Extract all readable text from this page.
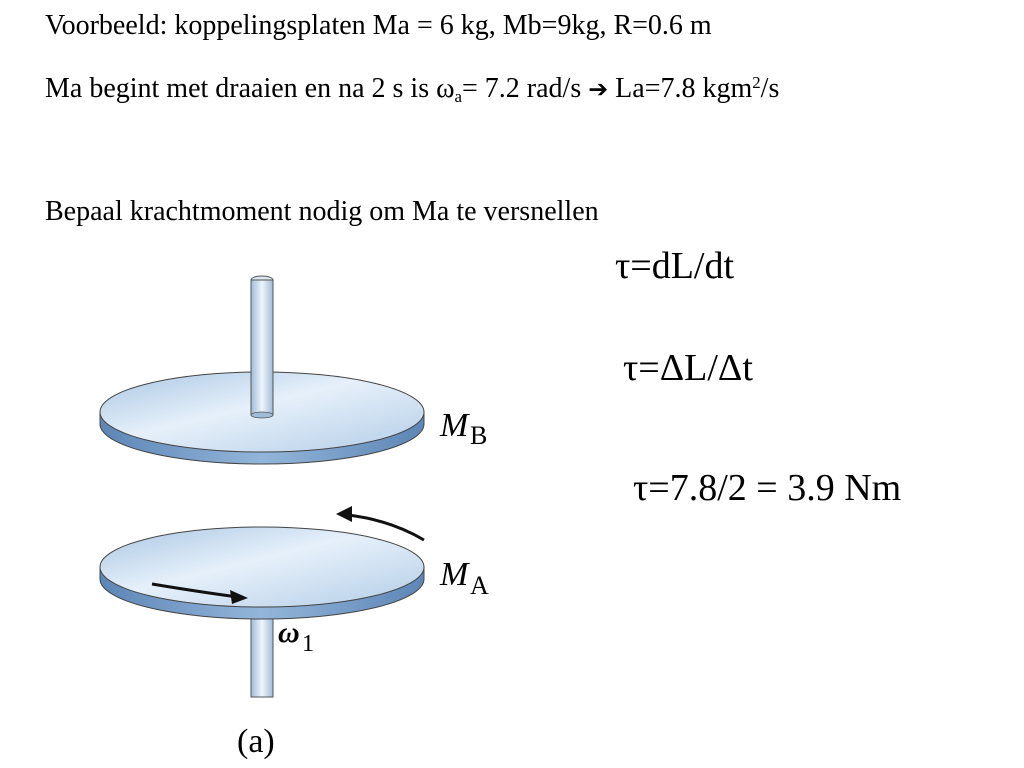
Voorbeeld: koppelingsplaten Ma = 6 kg, Mb=9kg, R=0.6 m
Ma begint met draaien en na 2 s is $\omega_a= 7.2$ rad/s ➔ La=7.8 kgm$^2$/s
Bepaal krachtmoment nodig om Ma te versnellen
τ=dL/dt
τ=ΔL/Δt
τ=7.8/2 = 3.9 Nm
M B
M A
ω 1
(a)
